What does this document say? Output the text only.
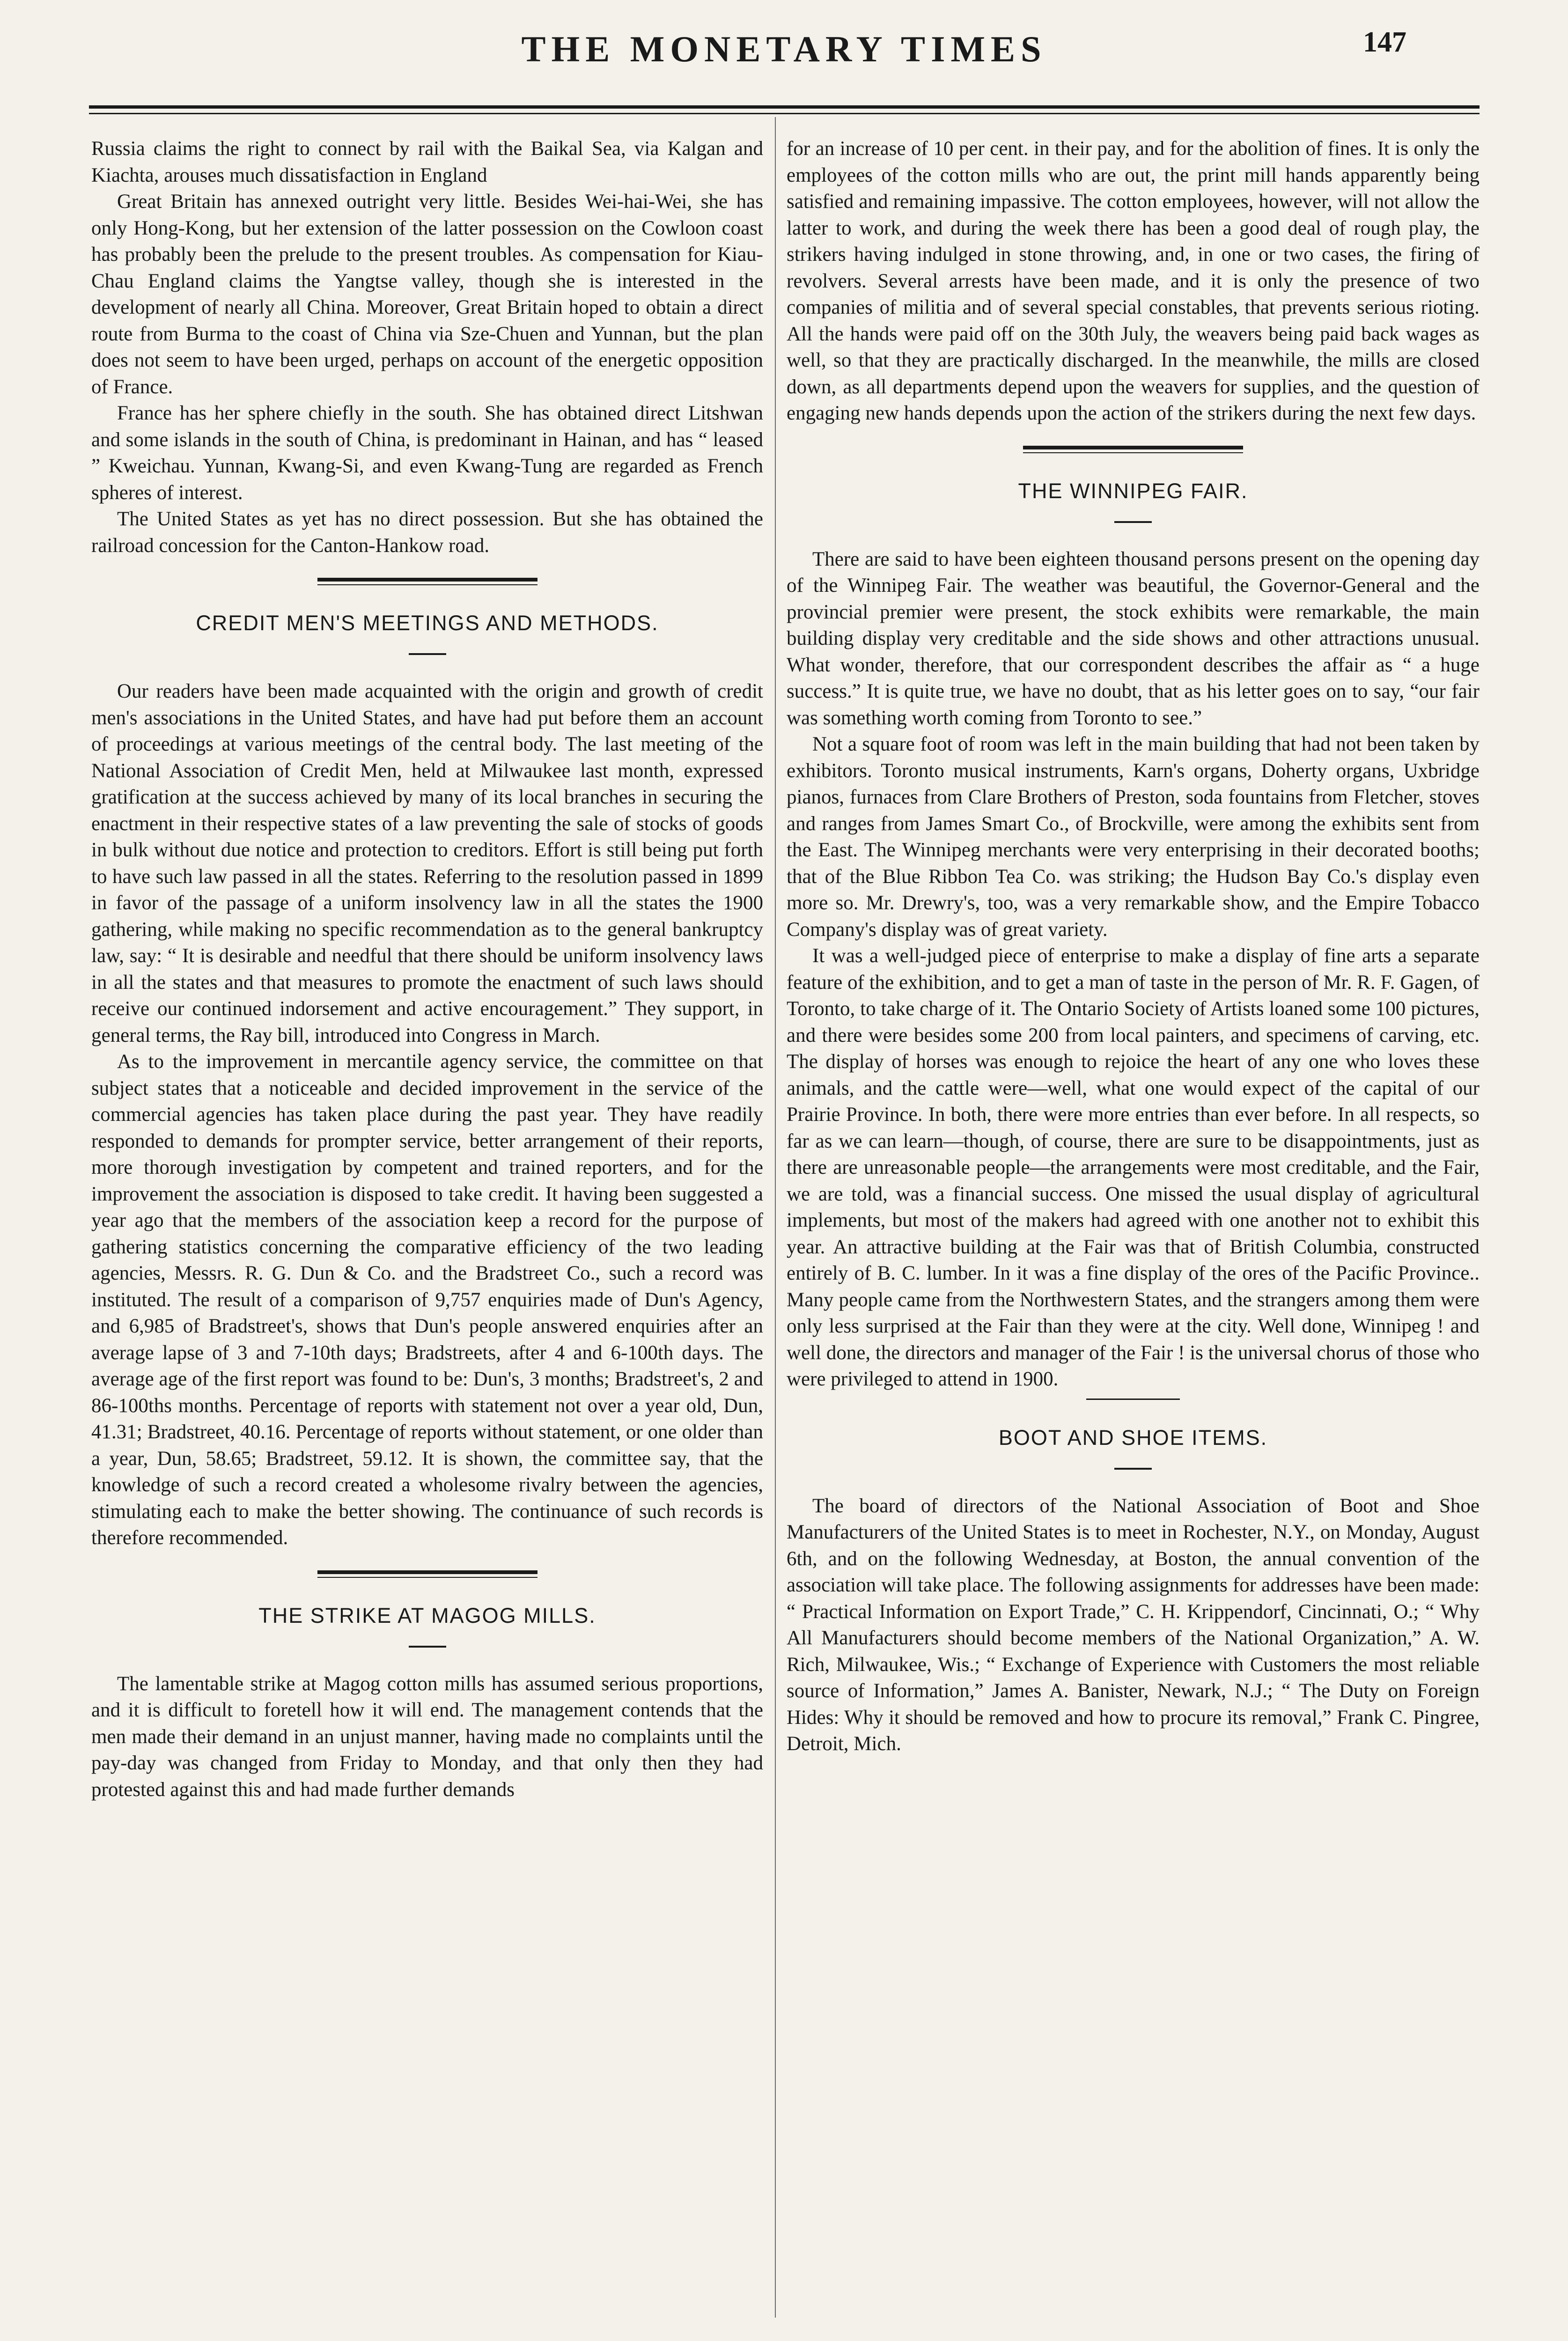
THE MONETARY TIMES	147

Russia claims the right to connect by rail with the Baikal Sea, via Kalgan and Kiachta, arouses much dissatisfaction in England

Great Britain has annexed outright very little. Besides Wei-hai-Wei, she has only Hong-Kong, but her extension of the latter possession on the Cowloon coast has probably been the prelude to the present troubles. As compensation for Kiau-Chau England claims the Yangtse valley, though she is interested in the development of nearly all China. Moreover, Great Britain hoped to obtain a direct route from Burma to the coast of China via Sze-Chuen and Yunnan, but the plan does not seem to have been urged, perhaps on account of the energetic opposition of France.

France has her sphere chiefly in the south. She has obtained direct Litshwan and some islands in the south of China, is predominant in Hainan, and has “ leased ” Kweichau. Yunnan, Kwang-Si, and even Kwang-Tung are regarded as French spheres of interest.

The United States as yet has no direct possession. But she has obtained the railroad concession for the Canton-Hankow road.

CREDIT MEN'S MEETINGS AND METHODS.

Our readers have been made acquainted with the origin and growth of credit men's associations in the United States, and have had put before them an account of proceedings at various meetings of the central body. The last meeting of the National Association of Credit Men, held at Milwaukee last month, expressed gratification at the success achieved by many of its local branches in securing the enactment in their respective states of a law preventing the sale of stocks of goods in bulk without due notice and protection to creditors. Effort is still being put forth to have such law passed in all the states. Referring to the resolution passed in 1899 in favor of the passage of a uniform insolvency law in all the states the 1900 gathering, while making no specific recommendation as to the general bankruptcy law, say: “ It is desirable and needful that there should be uniform insolvency laws in all the states and that measures to promote the enactment of such laws should receive our continued indorsement and active encouragement.” They support, in general terms, the Ray bill, introduced into Congress in March.

As to the improvement in mercantile agency service, the committee on that subject states that a noticeable and decided improvement in the service of the commercial agencies has taken place during the past year. They have readily responded to demands for prompter service, better arrangement of their reports, more thorough investigation by competent and trained reporters, and for the improvement the association is disposed to take credit. It having been suggested a year ago that the members of the association keep a record for the purpose of gathering statistics concerning the comparative efficiency of the two leading agencies, Messrs. R. G. Dun & Co. and the Bradstreet Co., such a record was instituted. The result of a comparison of 9,757 enquiries made of Dun's Agency, and 6,985 of Bradstreet's, shows that Dun's people answered enquiries after an average lapse of 3 and 7-10th days; Bradstreets, after 4 and 6-100th days. The average age of the first report was found to be: Dun's, 3 months; Bradstreet's, 2 and 86-100ths months. Percentage of reports with statement not over a year old, Dun, 41.31; Bradstreet, 40.16. Percentage of reports without statement, or one older than a year, Dun, 58.65; Bradstreet, 59.12. It is shown, the committee say, that the knowledge of such a record created a wholesome rivalry between the agencies, stimulating each to make the better showing. The continuance of such records is therefore recommended.

THE STRIKE AT MAGOG MILLS.

The lamentable strike at Magog cotton mills has assumed serious proportions, and it is difficult to foretell how it will end. The management contends that the men made their demand in an unjust manner, having made no complaints until the pay-day was changed from Friday to Monday, and that only then they had protested against this and had made further demands

for an increase of 10 per cent. in their pay, and for the abolition of fines. It is only the employees of the cotton mills who are out, the print mill hands apparently being satisfied and remaining impassive. The cotton employees, however, will not allow the latter to work, and during the week there has been a good deal of rough play, the strikers having indulged in stone throwing, and, in one or two cases, the firing of revolvers. Several arrests have been made, and it is only the presence of two companies of militia and of several special constables, that prevents serious rioting. All the hands were paid off on the 30th July, the weavers being paid back wages as well, so that they are practically discharged. In the meanwhile, the mills are closed down, as all departments depend upon the weavers for supplies, and the question of engaging new hands depends upon the action of the strikers during the next few days.

THE WINNIPEG FAIR.

There are said to have been eighteen thousand persons present on the opening day of the Winnipeg Fair. The weather was beautiful, the Governor-General and the provincial premier were present, the stock exhibits were remarkable, the main building display very creditable and the side shows and other attractions unusual. What wonder, therefore, that our correspondent describes the affair as “ a huge success.” It is quite true, we have no doubt, that as his letter goes on to say, “our fair was something worth coming from Toronto to see.”

Not a square foot of room was left in the main building that had not been taken by exhibitors. Toronto musical instruments, Karn's organs, Doherty organs, Uxbridge pianos, furnaces from Clare Brothers of Preston, soda fountains from Fletcher, stoves and ranges from James Smart Co., of Brockville, were among the exhibits sent from the East. The Winnipeg merchants were very enterprising in their decorated booths; that of the Blue Ribbon Tea Co. was striking; the Hudson Bay Co.'s display even more so. Mr. Drewry's, too, was a very remarkable show, and the Empire Tobacco Company's display was of great variety.

It was a well-judged piece of enterprise to make a display of fine arts a separate feature of the exhibition, and to get a man of taste in the person of Mr. R. F. Gagen, of Toronto, to take charge of it. The Ontario Society of Artists loaned some 100 pictures, and there were besides some 200 from local painters, and specimens of carving, etc. The display of horses was enough to rejoice the heart of any one who loves these animals, and the cattle were—well, what one would expect of the capital of our Prairie Province. In both, there were more entries than ever before. In all respects, so far as we can learn—though, of course, there are sure to be disappointments, just as there are unreasonable people—the arrangements were most creditable, and the Fair, we are told, was a financial success. One missed the usual display of agricultural implements, but most of the makers had agreed with one another not to exhibit this year. An attractive building at the Fair was that of British Columbia, constructed entirely of B. C. lumber. In it was a fine display of the ores of the Pacific Province.. Many people came from the Northwestern States, and the strangers among them were only less surprised at the Fair than they were at the city. Well done, Winnipeg ! and well done, the directors and manager of the Fair ! is the universal chorus of those who were privileged to attend in 1900.

BOOT AND SHOE ITEMS.

The board of directors of the National Association of Boot and Shoe Manufacturers of the United States is to meet in Rochester, N.Y., on Monday, August 6th, and on the following Wednesday, at Boston, the annual convention of the association will take place. The following assignments for addresses have been made: “ Practical Information on Export Trade,” C. H. Krippendorf, Cincinnati, O.; “ Why All Manufacturers should become members of the National Organization,” A. W. Rich, Milwaukee, Wis.; “ Exchange of Experience with Customers the most reliable source of Information,” James A. Banister, Newark, N.J.; “ The Duty on Foreign Hides: Why it should be removed and how to procure its removal,” Frank C. Pingree, Detroit, Mich.
